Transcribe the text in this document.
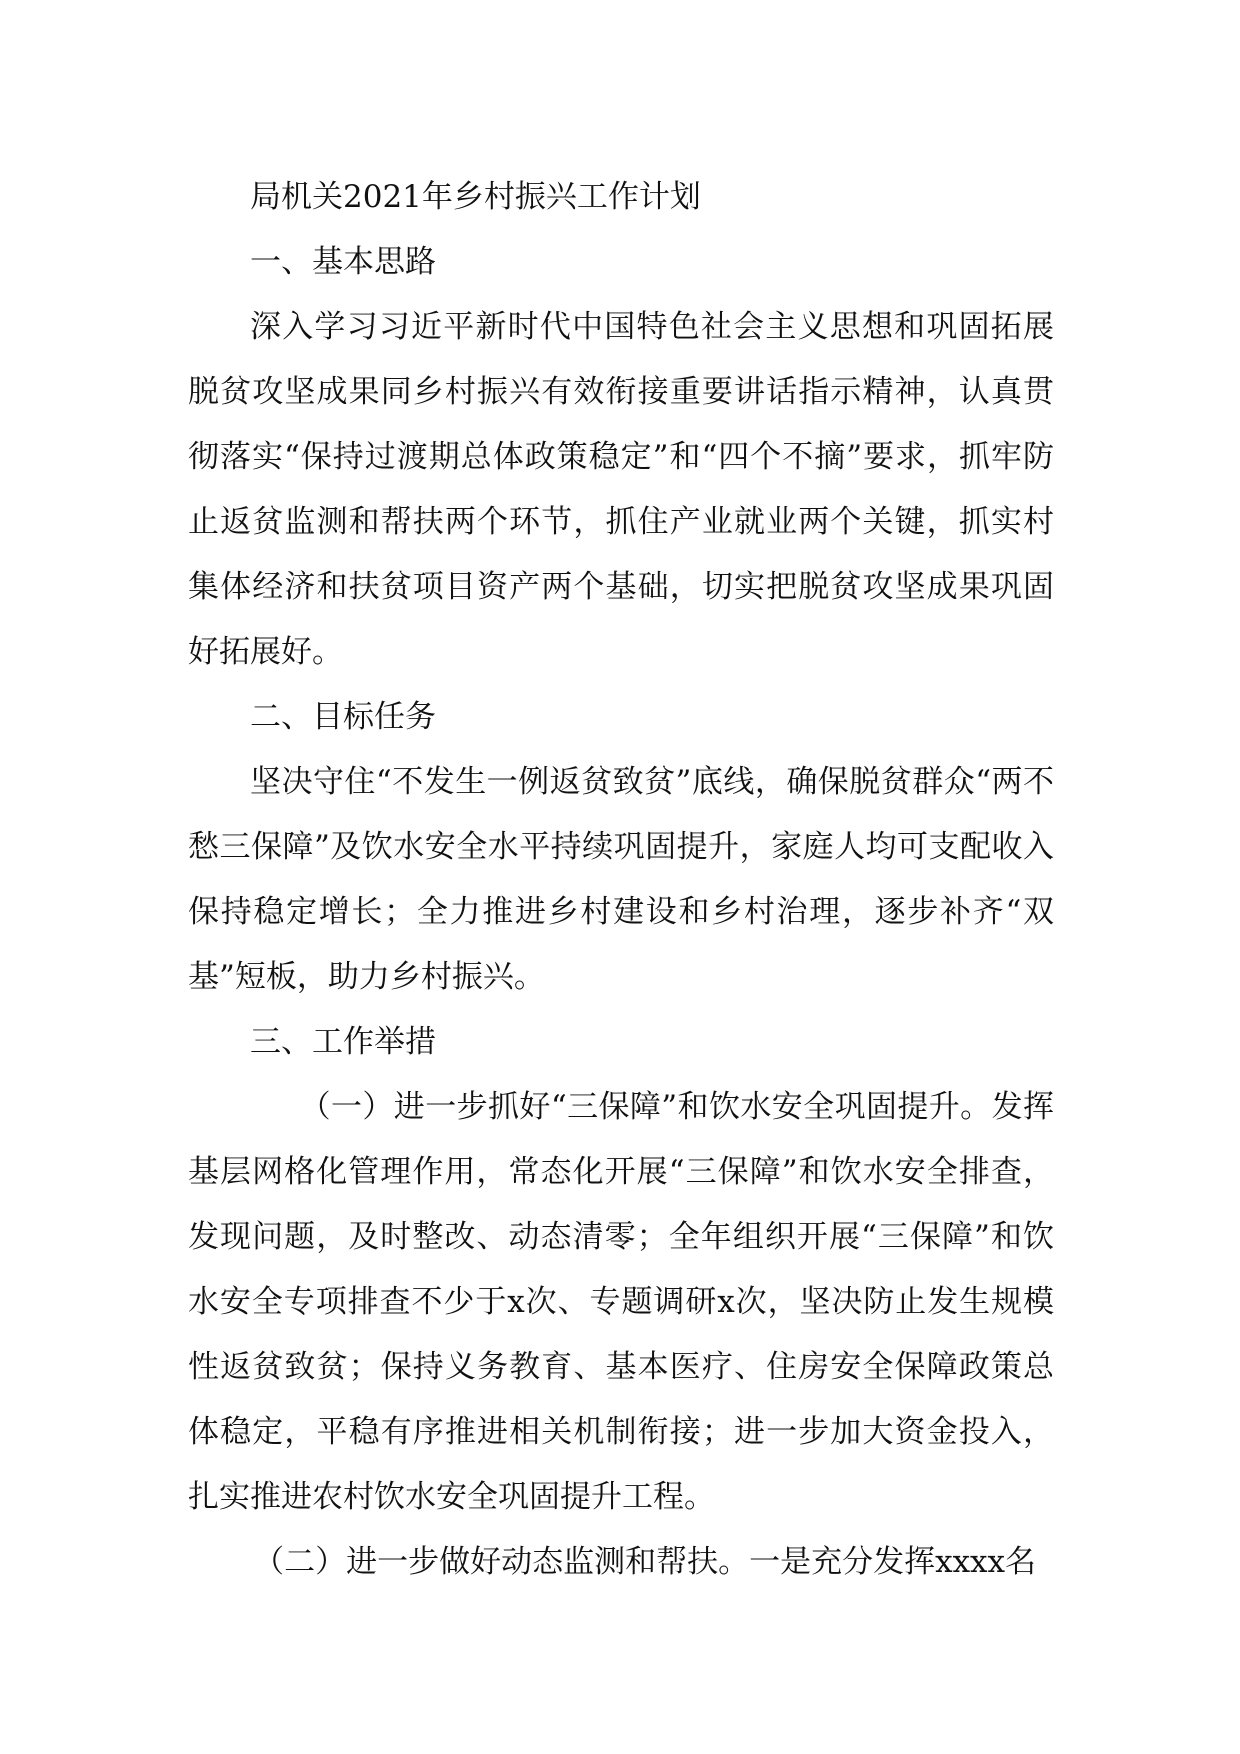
局机关2021年乡村振兴工作计划

一、基本思路

深入学习习近平新时代中国特色社会主义思想和巩固拓展脱贫攻坚成果同乡村振兴有效衔接重要讲话指示精神，认真贯彻落实“保持过渡期总体政策稳定”和“四个不摘”要求，抓牢防止返贫监测和帮扶两个环节，抓住产业就业两个关键，抓实村集体经济和扶贫项目资产两个基础，切实把脱贫攻坚成果巩固好拓展好。

二、目标任务

坚决守住“不发生一例返贫致贫”底线，确保脱贫群众“两不愁三保障”及饮水安全水平持续巩固提升，家庭人均可支配收入保持稳定增长；全力推进乡村建设和乡村治理，逐步补齐“双基”短板，助力乡村振兴。

三、工作举措

（一）进一步抓好“三保障”和饮水安全巩固提升。发挥基层网格化管理作用，常态化开展“三保障”和饮水安全排查，发现问题，及时整改、动态清零；全年组织开展“三保障”和饮水安全专项排查不少于x次、专题调研x次，坚决防止发生规模性返贫致贫；保持义务教育、基本医疗、住房安全保障政策总体稳定，平稳有序推进相关机制衔接；进一步加大资金投入，扎实推进农村饮水安全巩固提升工程。

（二）进一步做好动态监测和帮扶。一是充分发挥xxxx名
